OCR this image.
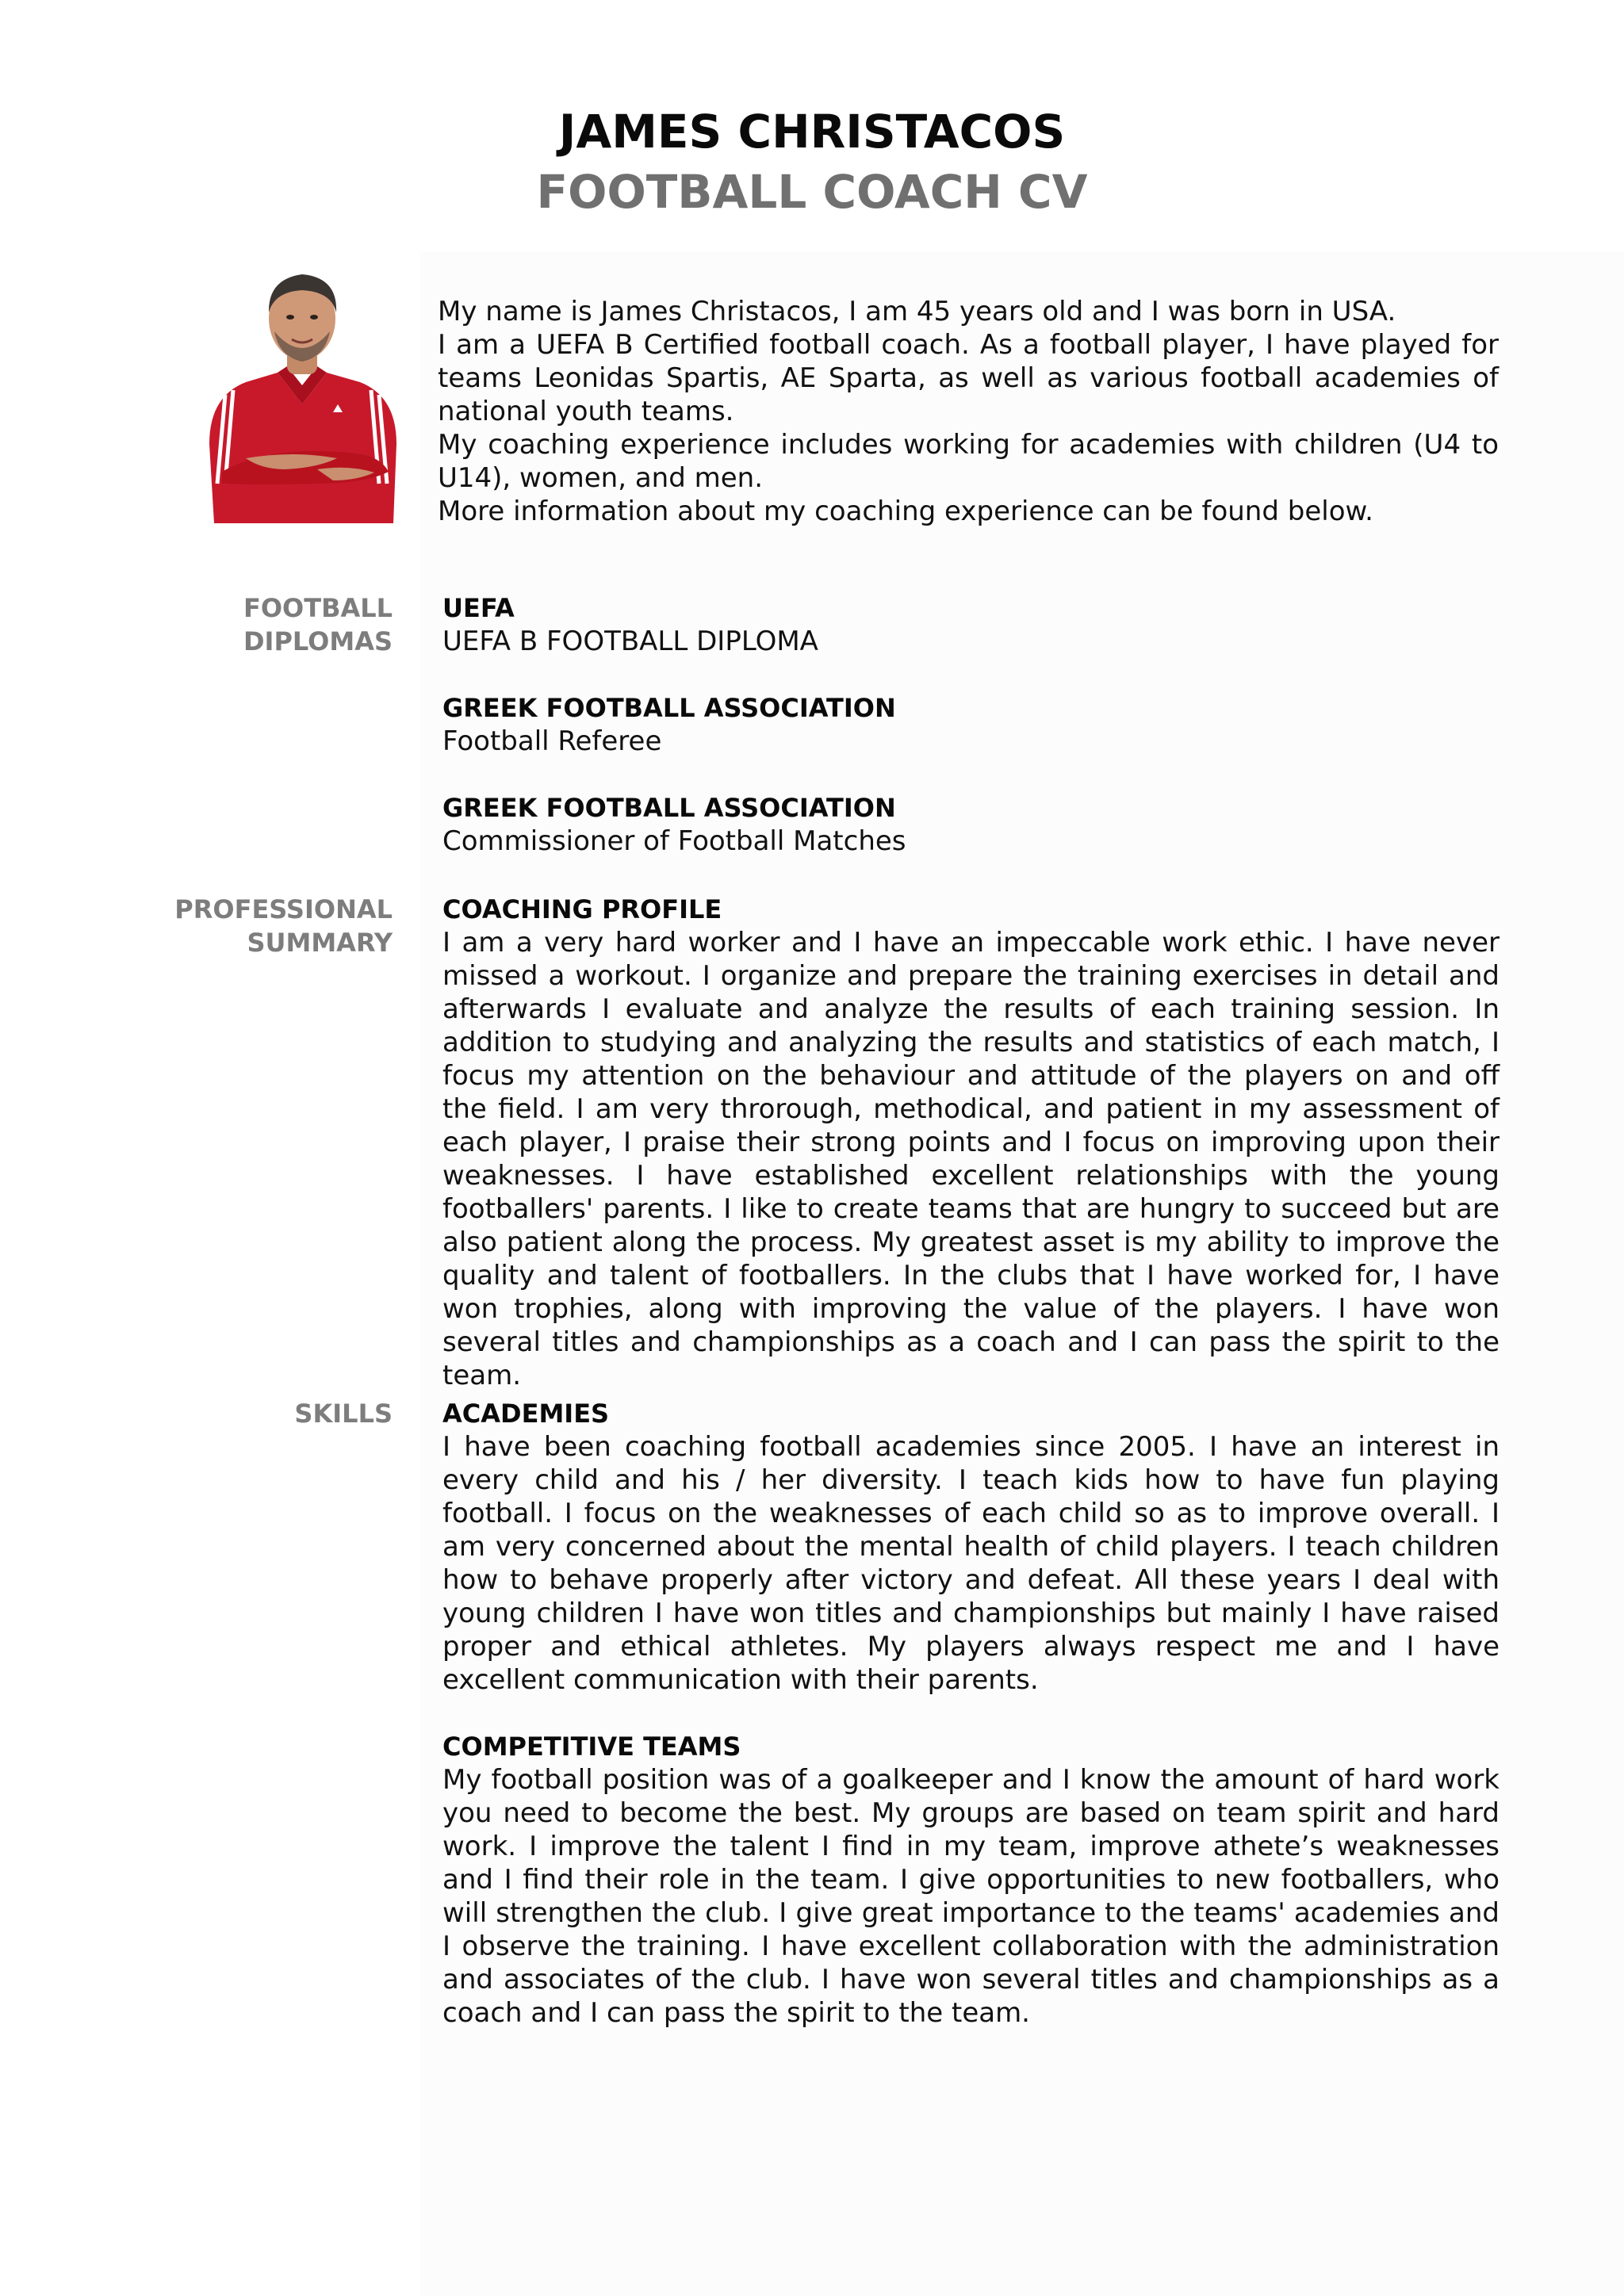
JAMES CHRISTACOS
FOOTBALL COACH CV

My name is James Christacos, I am 45 years old and I was born in USA.

I am a UEFA B Certified football coach. As a football player, I have played for teams Leonidas Spartis, AE Sparta, as well as various football academies of national youth teams.

My coaching experience includes working for academies with children (U4 to U14), women, and men.

More information about my coaching experience can be found below.

FOOTBALL
DIPLOMAS
UEFA
UEFA B FOOTBALL DIPLOMA
GREEK FOOTBALL ASSOCIATION
Football Referee
GREEK FOOTBALL ASSOCIATION
Commissioner of Football Matches
PROFESSIONAL
SUMMARY
COACHING PROFILE
I am a very hard worker and I have an impeccable work ethic. I have never missed a workout. I organize and prepare the training exercises in detail and afterwards I evaluate and analyze the results of each training session. In addition to studying and analyzing the results and statistics of each match, I focus my attention on the behaviour and attitude of the players on and off the field. I am very throrough, methodical, and patient in my assessment of each player, I praise their strong points and I focus on improving upon their weaknesses. I have established excellent relationships with the young footballers' parents. I like to create teams that are hungry to succeed but are also patient along the process. My greatest asset is my ability to improve the quality and talent of footballers. In the clubs that I have worked for, I have won trophies, along with improving the value of the players. I have won several titles and championships as a coach and I can pass the spirit to the team.
SKILLS ACADEMIES
I have been coaching football academies since 2005. I have an interest in every child and his / her diversity. I teach kids how to have fun playing football. I focus on the weaknesses of each child so as to improve overall. I am very concerned about the mental health of child players. I teach children how to behave properly after victory and defeat. All these years I deal with young children I have won titles and championships but mainly I have raised proper and ethical athletes. My players always respect me and I have excellent communication with their parents.
COMPETITIVE TEAMS
My football position was of a goalkeeper and I know the amount of hard work you need to become the best. My groups are based on team spirit and hard work. I improve the talent I find in my team, improve athete’s weaknesses and I find their role in the team. I give opportunities to new footballers, who will strengthen the club. I give great importance to the teams' academies and I observe the training. I have excellent collaboration with the administration and associates of the club. I have won several titles and championships as a coach and I can pass the spirit to the team.
